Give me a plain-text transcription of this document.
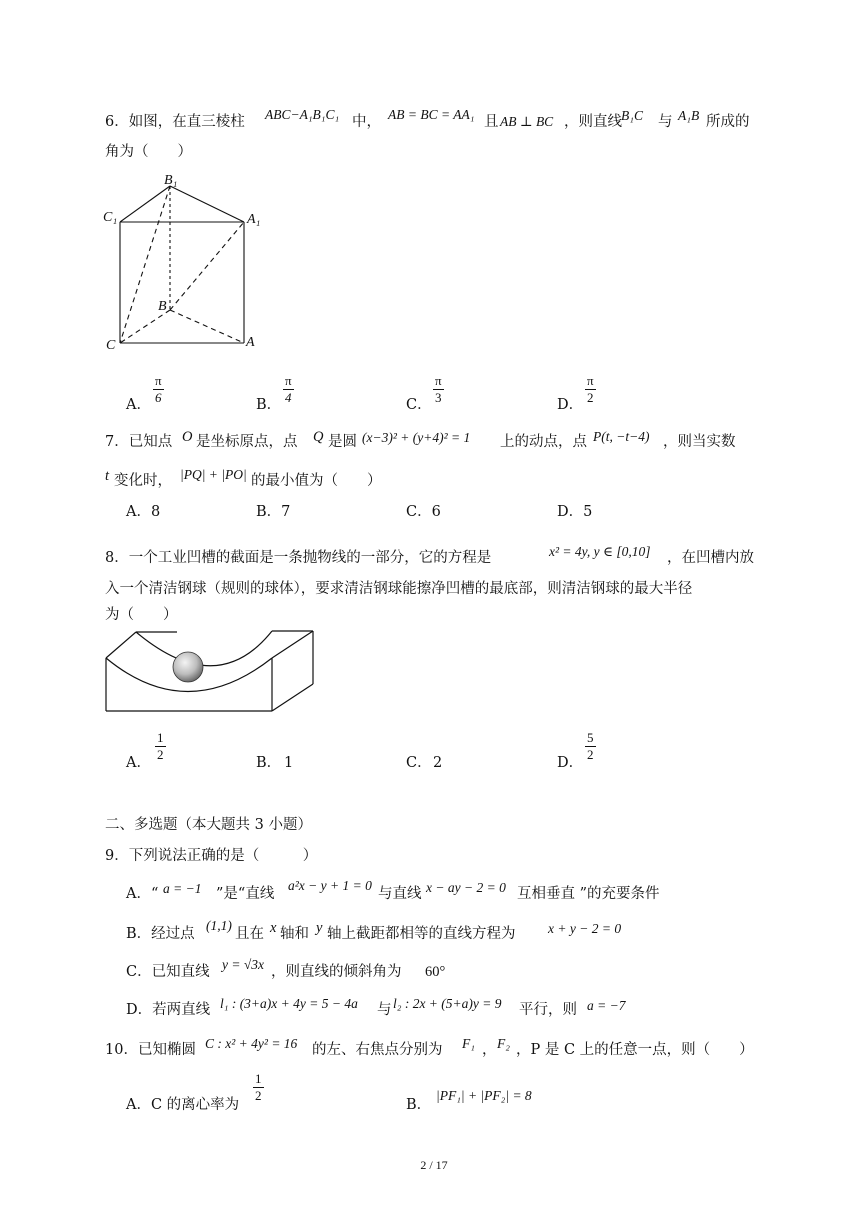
6．如图，在直三棱柱 ABC−A₁B₁C₁ 中， AB = BC = AA₁ 且 AB ⊥ BC ，则直线 B₁C 与 A₁B 所成的
角为（　　）
B₁
C₁	A₁
B
C	A
A．
π
6	B．
π
4	C．
π
3	D．
π
2
7．已知点 O 是坐标原点，点 Q 是圆 (x−3)² + (y+4)² = 1 上的动点，点 P(t, −t−4) ，则当实数
t 变化时， |PQ| + |PO| 的最小值为（　　）
A．8	B．7	C．6	D．5
8．一个工业凹槽的截面是一条抛物线的一部分，它的方程是	x² = 4y, y ∈ [0,10] ，在凹槽内放
入一个清洁钢球（规则的球体），要求清洁钢球能擦净凹槽的最底部，则清洁钢球的最大半径
为（　　）
A．
1
2
B． 1	C． 2	D．
5
2
二、多选题（本大题共 3 小题）
9．下列说法正确的是（　　　）
A．“ a = −1 ”是“直线
a²x − y + 1 = 0
与直线 x − ay − 2 = 0 互相垂直 ”的充要条件
B．经过点
(1,1)
且在 x 轴和 y 轴上截距都相等的直线方程为 x + y − 2 = 0
C．已知直线 y = √3x ，则直线的倾斜角为 60°
D．若两直线 l₁ : (3+a)x + 4y = 5 − 4a 与 l₂ : 2x + (5+a)y = 9 平行，则 a = −7
10．已知椭圆 C : x² + 4y² = 16 的左、右焦点分别为 F₁ ， F₂ ，P 是 C 上的任意一点，则（　　）
A．C 的离心率为
1
2
B．
|PF₁| + |PF₂| = 8
2 / 17
